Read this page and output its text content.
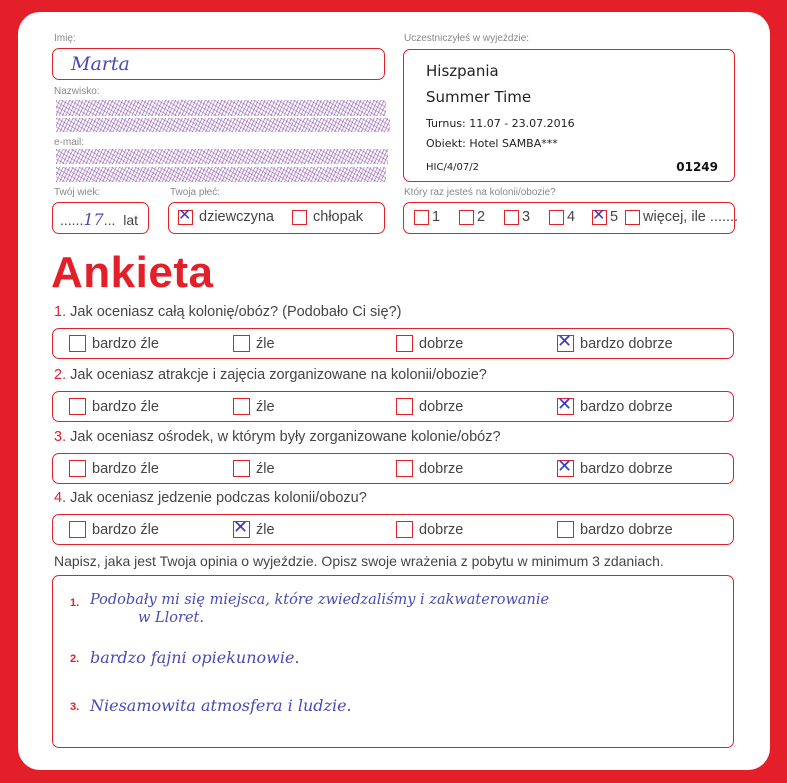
Imię:
Marta
Nazwisko:
e-mail:
Twój wiek:
......17... lat
Twoja płeć:
✕ dziewczyna	chłopak
Uczestniczyłeś w wyjeździe:
Hiszpania
Summer Time
Turnus: 11.07 - 23.07.2016
Obiekt: Hotel SAMBA***
HIC/4/07/2	01249
Który raz jesteś na kolonii/obozie?
1	2	3	4 ✕ 5	więcej, ile .......
Ankieta
1. Jak oceniasz całą kolonię/obóz? (Podobało Ci się?)
bardzo źle	źle	dobrze	✕ bardzo dobrze
2. Jak oceniasz atrakcje i zajęcia zorganizowane na kolonii/obozie?
bardzo źle	źle	dobrze	✕ bardzo dobrze
3. Jak oceniasz ośrodek, w którym były zorganizowane kolonie/obóz?
bardzo źle	źle	dobrze	✕ bardzo dobrze
4. Jak oceniasz jedzenie podczas kolonii/obozu?
bardzo źle	✕ źle	dobrze	bardzo dobrze
Napisz, jaka jest Twoja opinia o wyjeździe. Opisz swoje wrażenia z pobytu w minimum 3 zdaniach.
1. Podobały mi się miejsca, które zwiedzaliśmy i zakwaterowanie
w Lloret.
2. bardzo fajni opiekunowie.
3. Niesamowita atmosfera i ludzie.
